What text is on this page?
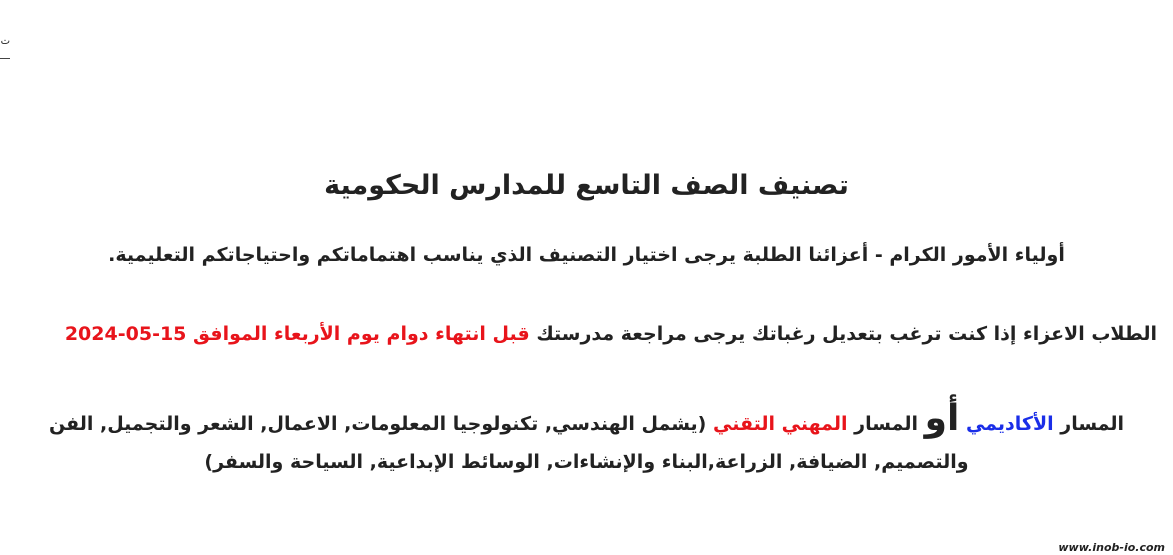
ت
تصنيف الصف التاسع للمدارس الحكومية

أولياء الأمور الكرام - أعزائنا الطلبة يرجى اختيار التصنيف الذي يناسب اهتماماتكم واحتياجاتكم التعليمية.

الطلاب الاعزاء إذا كنت ترغب بتعديل رغباتك يرجى مراجعة مدرستك قبل انتهاء دوام يوم الأربعاء الموافق 15-05-2024

المسار الأكاديمي أو المسار المهني التقني (يشمل الهندسي, تكنولوجيا المعلومات, الاعمال, الشعر والتجميل, الفن والتصميم, الضيافة, الزراعة,البناء والإنشاءات, الوسائط الإبداعية, السياحة والسفر)

www.inob-io.com
